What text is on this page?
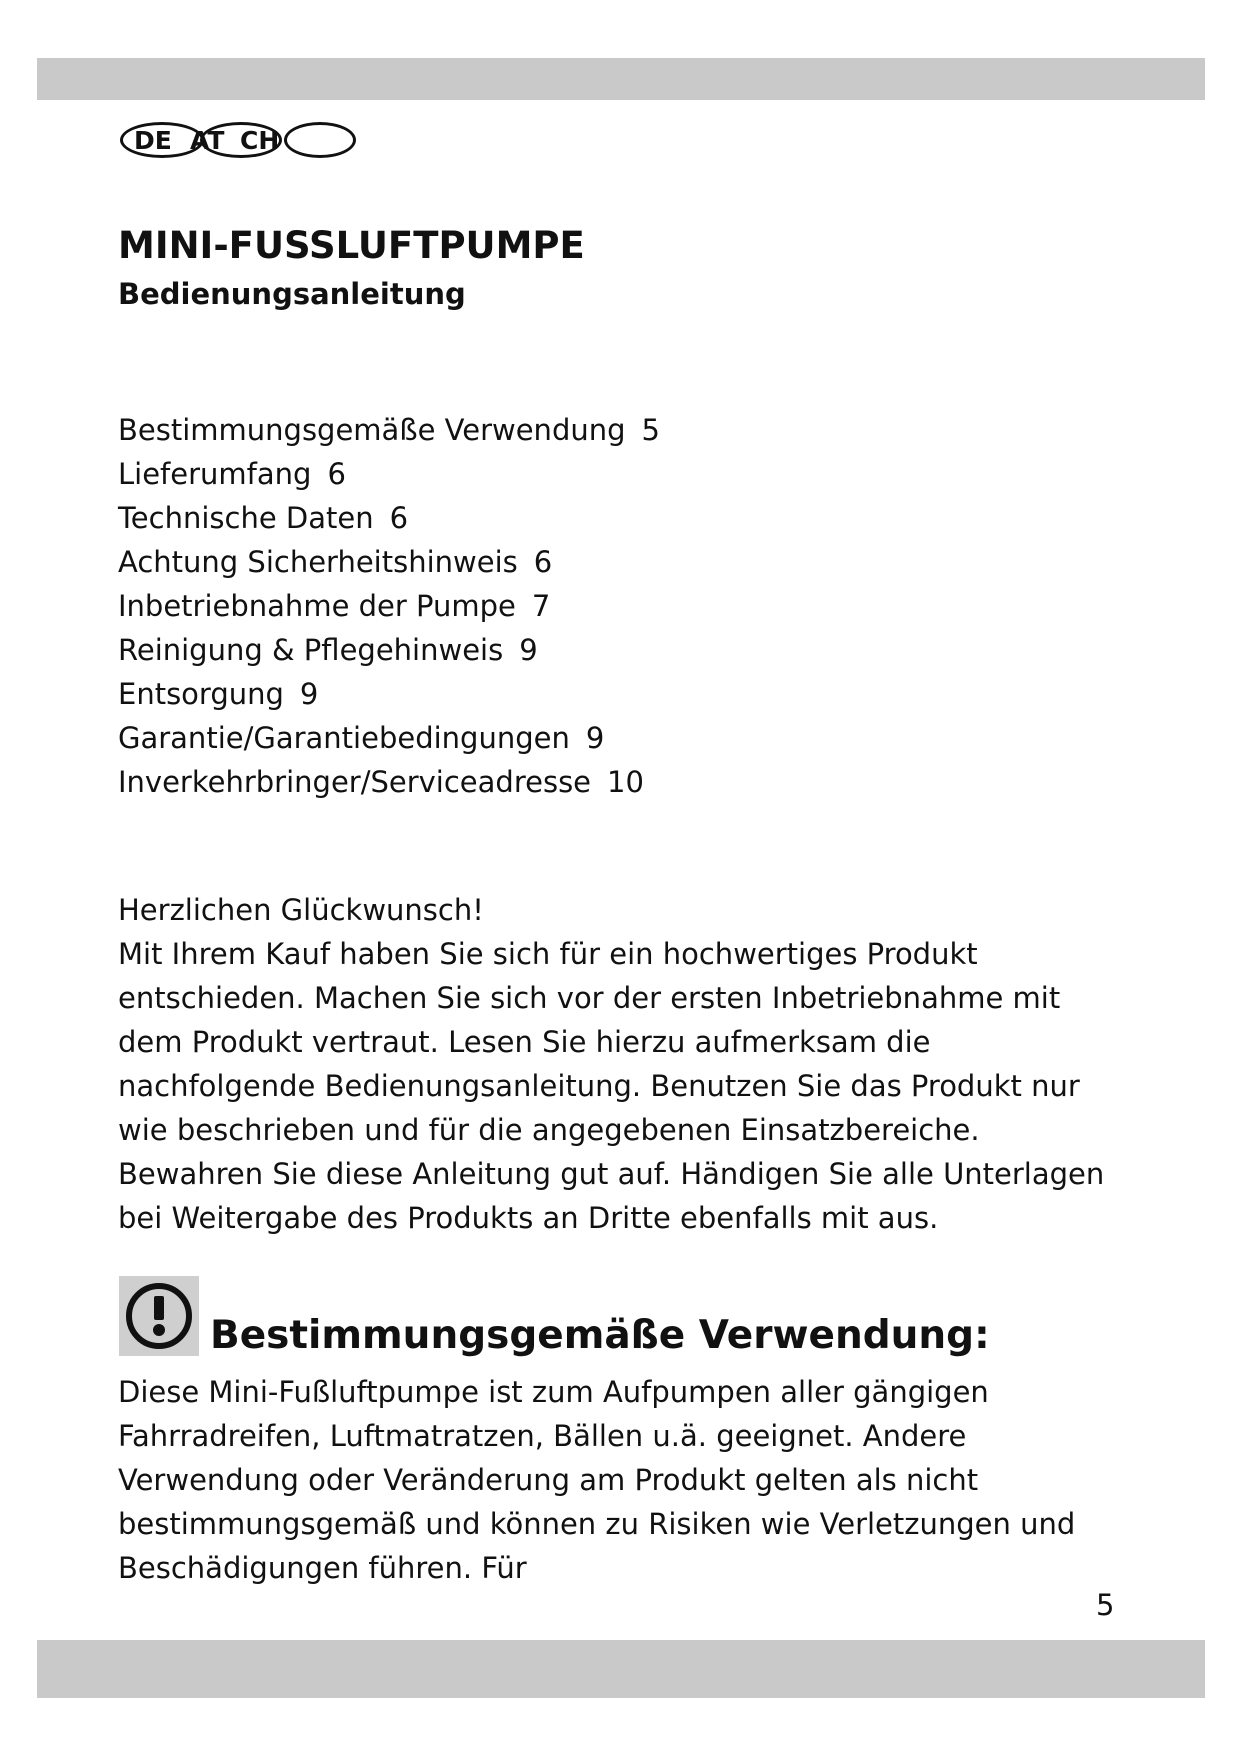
DE AT CH
MINI-FUSSLUFTPUMPE
Bedienungsanleitung
Bestimmungsgemäße Verwendung 5
Lieferumfang 6
Technische Daten 6
Achtung Sicherheitshinweis 6
Inbetriebnahme der Pumpe 7
Reinigung & Pflegehinweis 9
Entsorgung 9
Garantie/Garantiebedingungen 9
Inverkehrbringer/Serviceadresse 10

Herzlichen Glückwunsch!

Mit Ihrem Kauf haben Sie sich für ein hochwertiges Produkt entschieden. Machen Sie sich vor der ersten Inbetriebnahme mit dem Produkt vertraut. Lesen Sie hierzu aufmerksam die nachfolgende Bedienungsanleitung. Benutzen Sie das Produkt nur wie beschrieben und für die angegebenen Einsatzbereiche. Bewahren Sie diese Anleitung gut auf. Händigen Sie alle Unterlagen bei Weitergabe des Produkts an Dritte ebenfalls mit aus.

Bestimmungsgemäße Verwendung:

Diese Mini-Fußluftpumpe ist zum Aufpumpen aller gängigen Fahrradreifen, Luftmatratzen, Bällen u.ä. geeignet. Andere Verwendung oder Veränderung am Produkt gelten als nicht bestimmungsgemäß und können zu Risiken wie Verletzungen und Beschädigungen führen. Für

5
